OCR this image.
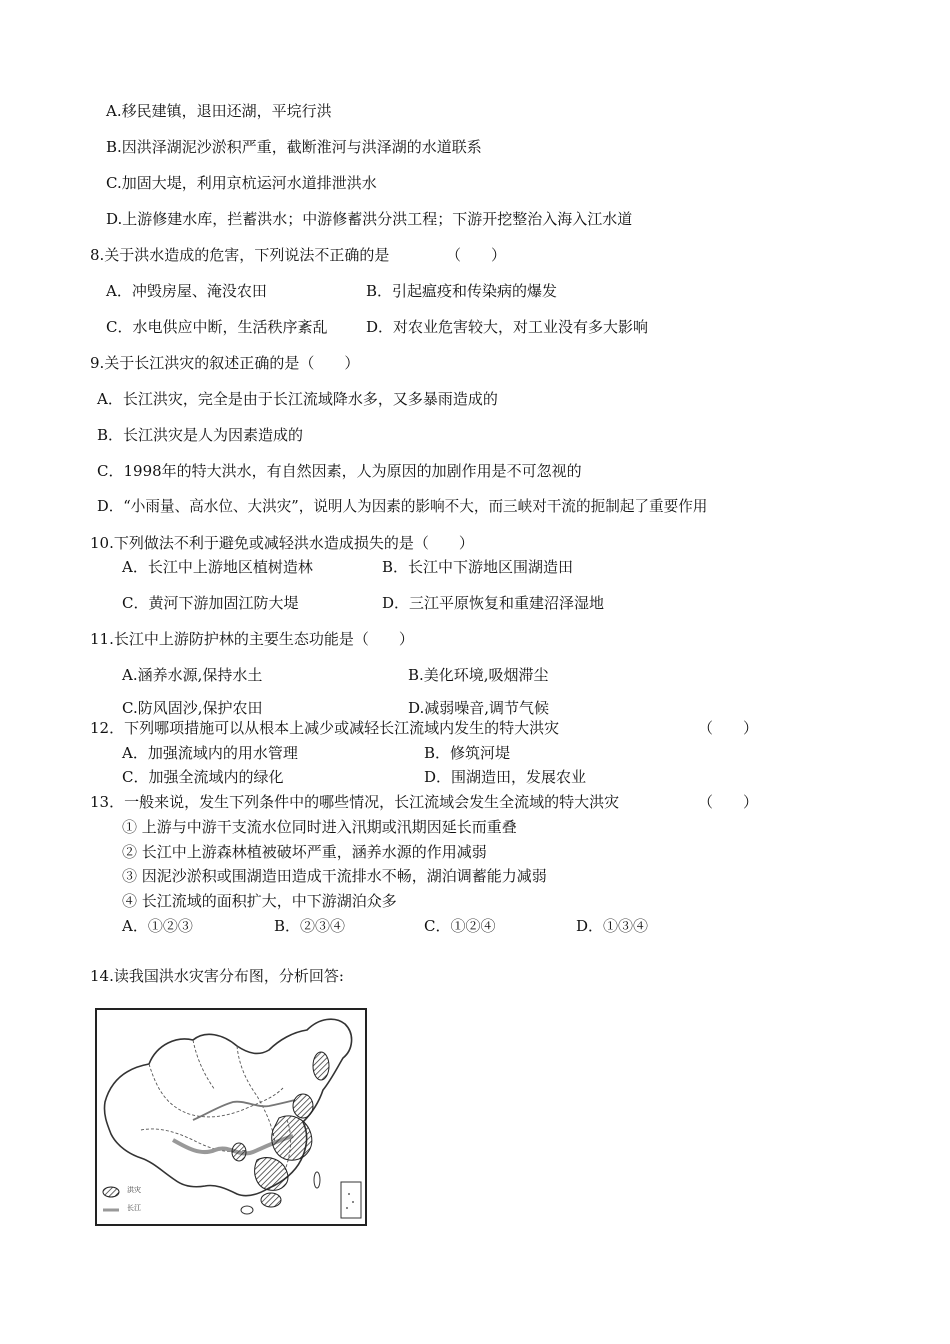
A.移民建镇，退田还湖，平垸行洪
B.因洪泽湖泥沙淤积严重，截断淮河与洪泽湖的水道联系
C.加固大堤，利用京杭运河水道排泄洪水
D.上游修建水库，拦蓄洪水；中游修蓄洪分洪工程；下游开挖整治入海入江水道
8.关于洪水造成的危害，下列说法不正确的是	（　　）
A．冲毁房屋、淹没农田	B．引起瘟疫和传染病的爆发
C．水电供应中断，生活秩序紊乱	D．对农业危害较大，对工业没有多大影响
9.关于长江洪灾的叙述正确的是（　　）
A．长江洪灾，完全是由于长江流域降水多，又多暴雨造成的
B．长江洪灾是人为因素造成的
C．1998年的特大洪水，有自然因素，人为原因的加剧作用是不可忽视的
D．“小雨量、高水位、大洪灾”，说明人为因素的影响不大，而三峡对干流的扼制起了重要作用
10.下列做法不利于避免或减轻洪水造成损失的是（　　）
A．长江中上游地区植树造林	B．长江中下游地区围湖造田
C．黄河下游加固江防大堤	D．三江平原恢复和重建沼泽湿地
11.长江中上游防护林的主要生态功能是（　　）
A.涵养水源,保持水土	B.美化环境,吸烟滞尘
C.防风固沙,保护农田	D.减弱噪音,调节气候
12．下列哪项措施可以从根本上减少或减轻长江流域内发生的特大洪灾	（　　）
A．加强流域内的用水管理	B．修筑河堤
C．加强全流域内的绿化	D．围湖造田，发展农业
13．一般来说，发生下列条件中的哪些情况，长江流域会发生全流域的特大洪灾	（　　）
① 上游与中游干支流水位同时进入汛期或汛期因延长而重叠
② 长江中上游森林植被破坏严重，涵养水源的作用减弱
③ 因泥沙淤积或围湖造田造成干流排水不畅，湖泊调蓄能力减弱
④ 长江流域的面积扩大，中下游湖泊众多
A．①②③	B．②③④	C．①②④	D．①③④
14.读我国洪水灾害分布图，分析回答:
洪灾
长江
